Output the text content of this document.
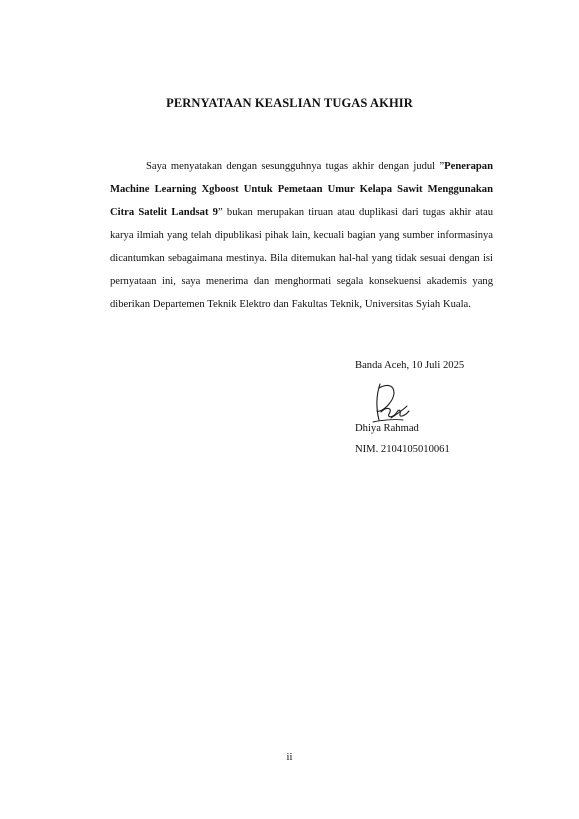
PERNYATAAN KEASLIAN TUGAS AKHIR

Saya menyatakan dengan sesungguhnya tugas akhir dengan judul ”Penerapan Machine Learning Xgboost Untuk Pemetaan Umur Kelapa Sawit Menggunakan Citra Satelit Landsat 9” bukan merupakan tiruan atau duplikasi dari tugas akhir atau karya ilmiah yang telah dipublikasi pihak lain, kecuali bagian yang sumber informasinya dicantumkan sebagaimana mestinya. Bila ditemukan hal-hal yang tidak sesuai dengan isi pernyataan ini, saya menerima dan menghormati segala konsekuensi akademis yang diberikan Departemen Teknik Elektro dan Fakultas Teknik, Universitas Syiah Kuala.

Banda Aceh, 10 Juli 2025
Dhiya Rahmad
NIM. 2104105010061
ii
